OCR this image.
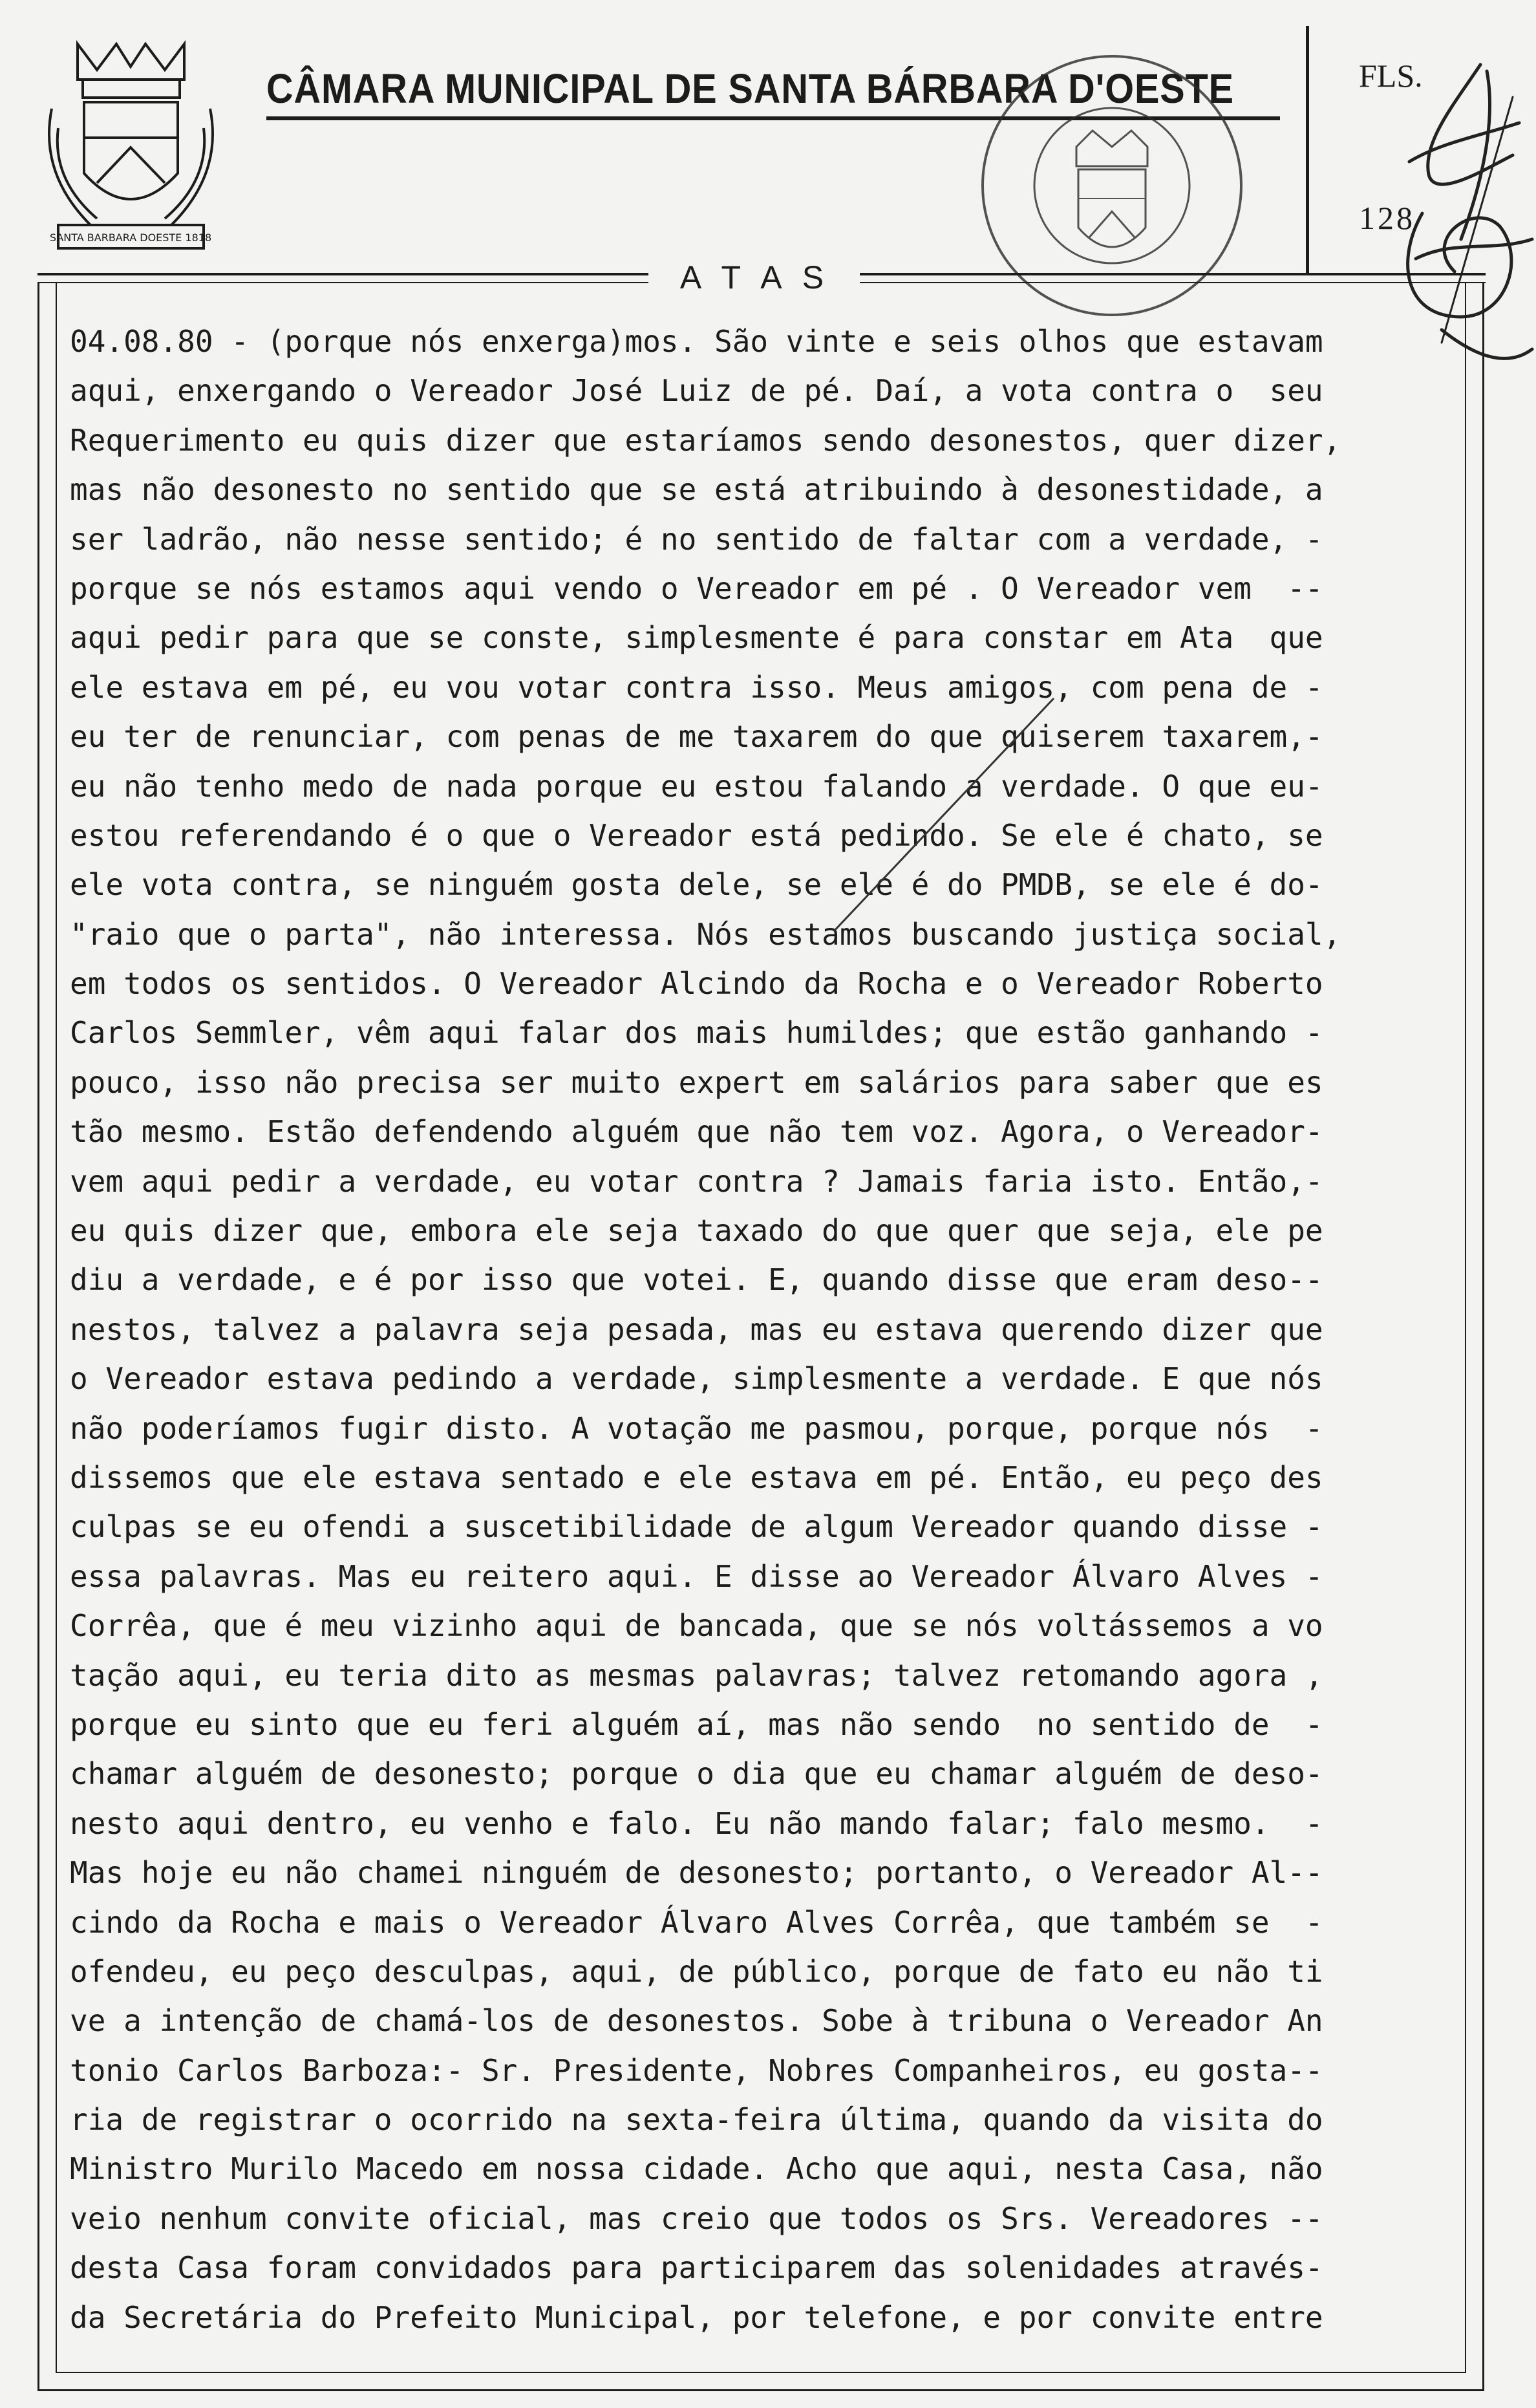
SANTA BARBARA DOESTE 1818
CÂMARA MUNICIPAL DE SANTA BÁRBARA D'OESTE	FLS.
128
A T A S
04.08.80 - (porque nós enxerga)mos. São vinte e seis olhos que estavam
aqui, enxergando o Vereador José Luiz de pé. Daí, a vota contra o  seu
Requerimento eu quis dizer que estaríamos sendo desonestos, quer dizer,
mas não desonesto no sentido que se está atribuindo à desonestidade, a
ser ladrão, não nesse sentido; é no sentido de faltar com a verdade, -
porque se nós estamos aqui vendo o Vereador em pé . O Vereador vem  --
aqui pedir para que se conste, simplesmente é para constar em Ata  que
ele estava em pé, eu vou votar contra isso. Meus amigos, com pena de -
eu ter de renunciar, com penas de me taxarem do que quiserem taxarem,-
eu não tenho medo de nada porque eu estou falando a verdade. O que eu-
estou referendando é o que o Vereador está pedindo. Se ele é chato, se
ele vota contra, se ninguém gosta dele, se ele é do PMDB, se ele é do-
"raio que o parta", não interessa. Nós estamos buscando justiça social,
em todos os sentidos. O Vereador Alcindo da Rocha e o Vereador Roberto
Carlos Semmler, vêm aqui falar dos mais humildes; que estão ganhando -
pouco, isso não precisa ser muito expert em salários para saber que es
tão mesmo. Estão defendendo alguém que não tem voz. Agora, o Vereador-
vem aqui pedir a verdade, eu votar contra ? Jamais faria isto. Então,-
eu quis dizer que, embora ele seja taxado do que quer que seja, ele pe
diu a verdade, e é por isso que votei. E, quando disse que eram deso--
nestos, talvez a palavra seja pesada, mas eu estava querendo dizer que
o Vereador estava pedindo a verdade, simplesmente a verdade. E que nós
não poderíamos fugir disto. A votação me pasmou, porque, porque nós  -
dissemos que ele estava sentado e ele estava em pé. Então, eu peço des
culpas se eu ofendi a suscetibilidade de algum Vereador quando disse -
essa palavras. Mas eu reitero aqui. E disse ao Vereador Álvaro Alves -
Corrêa, que é meu vizinho aqui de bancada, que se nós voltássemos a vo
tação aqui, eu teria dito as mesmas palavras; talvez retomando agora ,
porque eu sinto que eu feri alguém aí, mas não sendo  no sentido de  -
chamar alguém de desonesto; porque o dia que eu chamar alguém de deso-
nesto aqui dentro, eu venho e falo. Eu não mando falar; falo mesmo.  -
Mas hoje eu não chamei ninguém de desonesto; portanto, o Vereador Al--
cindo da Rocha e mais o Vereador Álvaro Alves Corrêa, que também se  -
ofendeu, eu peço desculpas, aqui, de público, porque de fato eu não ti
ve a intenção de chamá-los de desonestos. Sobe à tribuna o Vereador An
tonio Carlos Barboza:- Sr. Presidente, Nobres Companheiros, eu gosta--
ria de registrar o ocorrido na sexta-feira última, quando da visita do
Ministro Murilo Macedo em nossa cidade. Acho que aqui, nesta Casa, não
veio nenhum convite oficial, mas creio que todos os Srs. Vereadores --
desta Casa foram convidados para participarem das solenidades através-
da Secretária do Prefeito Municipal, por telefone, e por convite entre
